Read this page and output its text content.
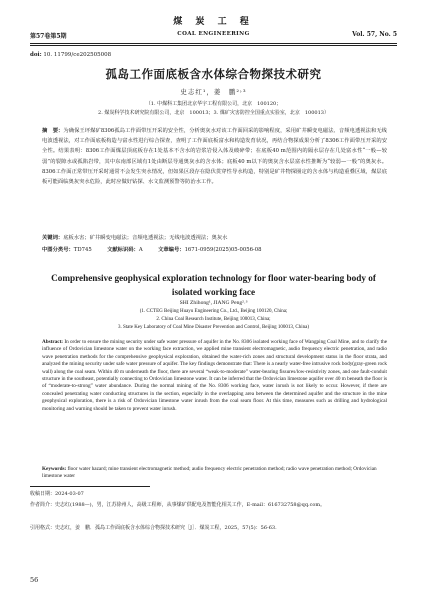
煤 炭 工 程
第57卷第5期	COAL ENGINEERING	Vol. 57, No. 5
doi: 10. 11799/ce202505008
孤岛工作面底板含水体综合物探技术研究
史志红¹，姜　鹏²˒³
（1. 中煤科工集团北京华宇工程有限公司，北京　100120；
2. 煤炭科学技术研究院有限公司，北京　100013；3. 煤矿灾害防控全国重点实验室，北京　100013）
摘　要：为确保王坪煤矿8306孤岛工作面带压开采的安全性，分析奥灰水对该工作面回采的影响程度，采用矿井瞬变电磁法、音频电透视法和无线电波透视法，对工作面底板构造与富水性进行综合探查，查明了工作面底板富水和构造发育状况，再结合物探成果分析了8306工作面带压开采的安全性。结果表明：8306工作面煤层顶底板存在1处基本不含水的岩浆岩侵入体及破碎带；在底板40 m范围内的隔水层存在几处富水性“一般—较弱”的裂隙水或孤陷岩带，其中东南部区域有1处由断层导通奥灰水的含水体；底板40 m以下的奥灰含水层富水性推断为“较弱—一般”的奥灰水。8306工作面正常带压开采时通常不会发生突水情况，但如果区段存在隐伏贯穿性导水构造，特别是矿井物探圈定的含水体与构造重叠区域，煤层底板可能面临奥灰突水危险，此时应做好钻探、水文监测预警等防治水工作。
关键词：底板水害；矿井瞬变电磁法；音频电透视法；无线电波透视法；奥灰水
中图分类号：TD745	文献标识码：A	文章编号：1671-0959(2025)05-0056-08
Comprehensive geophysical exploration technology for floor water-bearing body of isolated working face
SHI Zhihong¹, JIANG Peng²˒³
(1. CCTEG Beijing Huayu Engineering Co., Ltd., Beijing 100120, China;
2. China Coal Research Institute, Beijing 100013, China;
3. State Key Laboratory of Coal Mine Disaster Prevention and Control, Beijing 100013, China)
Abstract: In order to ensure the mining security under safe water pressure of aquifer in the No. 8306 isolated working face of Wangping Coal Mine, and to clarify the influence of Ordovician limestone water on the working face extraction, we applied mine transient electromagnetic, audio frequency electric penetration, and radio wave penetration methods for the comprehensive geophysical exploration, obtained the water-rich zones and structural development status in the floor strata, and analyzed the mining security under safe water pressure of aquifer. The key findings demonstrate that: There is a nearly water-free intrusive rock body(gray-green rock wall) along the coal seam. Within 40 m underneath the floor, there are several “weak-to-moderate” water-bearing fissures/low-resistivity zones, and one fault-conduit structure in the southeast, potentially connecting to Ordovician limestone water. It can be inferred that the Ordovician limestone aquifer over 40 m beneath the floor is of “moderate-to-strong” water abundance. During the normal mining of the No. 8306 working face, water inrush is not likely to occur. However, if there are concealed penetrating water conducting structures in the section, especially in the overlapping area between the determined aquifer and the structure in the mine geophysical exploration, there is a risk of Ordovician limestone water inrush from the coal seam floor. At this time, measures such as drilling and hydrological monitoring and warning should be taken to prevent water inrush.
Keywords: floor water hazard; mine transient electromagnetic method; audio frequency electric penetration method; radio wave penetration method; Ordovician limestone water
收稿日期：2024-03-07
作者简介：史志红(1988—)，男，江苏徐州人，高级工程师，从事煤矿供配电及智能化相关工作，E-mail：616732758@qq.com。
引用格式：史志红，姜　鹏．孤岛工作面底板含水体综合物探技术研究［J］．煤炭工程，2025，57(5)：56-63.
56
